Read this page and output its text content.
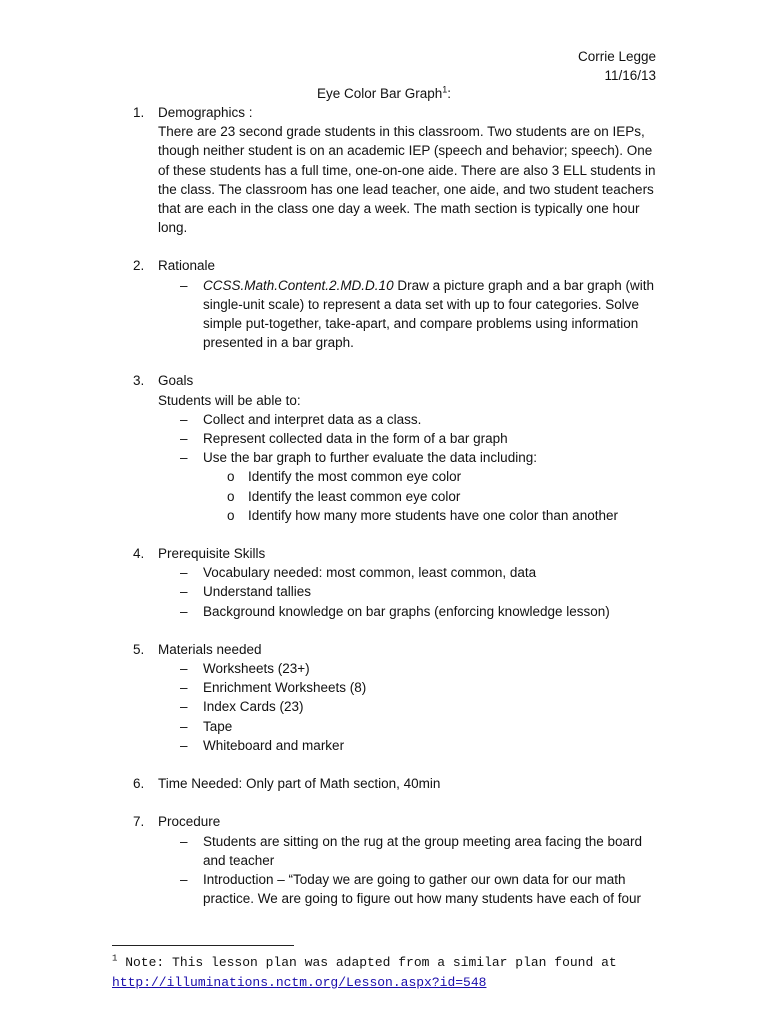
Corrie Legge
11/16/13
Eye Color Bar Graph$^1$:
1. Demographics :
There are 23 second grade students in this classroom. Two students are on IEPs, though neither student is on an academic IEP (speech and behavior; speech). One of these students has a full time, one-on-one aide. There are also 3 ELL students in the class. The classroom has one lead teacher, one aide, and two student teachers that are each in the class one day a week. The math section is typically one hour long.
2. Rationale
– CCSS.Math.Content.2.MD.D.10 Draw a picture graph and a bar graph (with single-unit scale) to represent a data set with up to four categories. Solve simple put-together, take-apart, and compare problems using information presented in a bar graph.
3. Goals
Students will be able to:
– Collect and interpret data as a class.
– Represent collected data in the form of a bar graph
– Use the bar graph to further evaluate the data including:
o Identify the most common eye color
o Identify the least common eye color
o Identify how many more students have one color than another
4. Prerequisite Skills
– Vocabulary needed: most common, least common, data
– Understand tallies
– Background knowledge on bar graphs (enforcing knowledge lesson)
5. Materials needed
– Worksheets (23+)
– Enrichment Worksheets (8)
– Index Cards (23)
– Tape
– Whiteboard and marker
6. Time Needed: Only part of Math section, 40min
7. Procedure
– Students are sitting on the rug at the group meeting area facing the board and teacher
– Introduction – “Today we are going to gather our own data for our math practice. We are going to figure out how many students have each of four
$^1$ Note: This lesson plan was adapted from a similar plan found at
http://illuminations.nctm.org/Lesson.aspx?id=548
